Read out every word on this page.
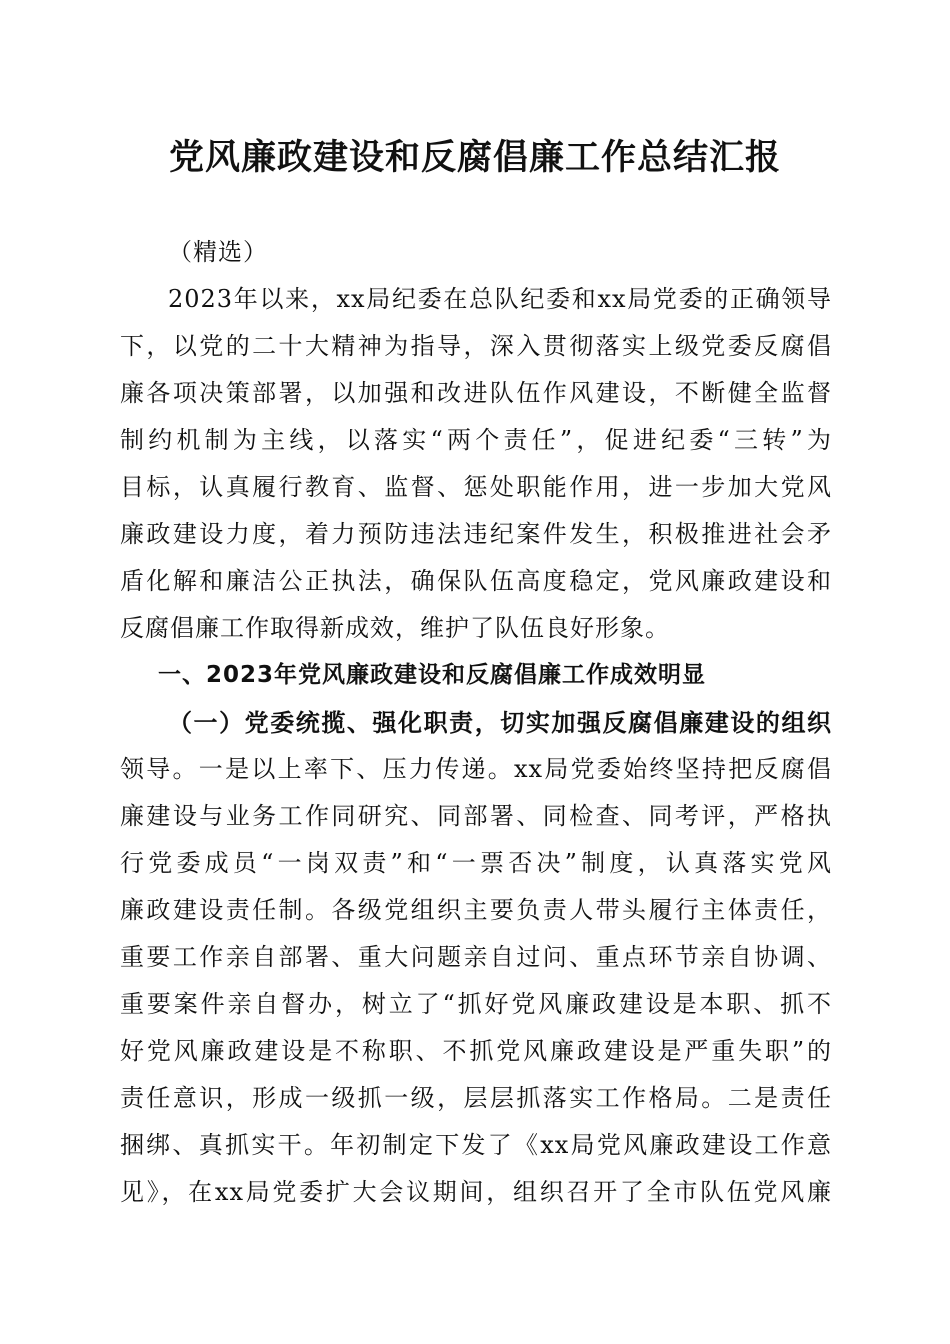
党风廉政建设和反腐倡廉工作总结汇报
（精选）
2023年以来，xx局纪委在总队纪委和xx局党委的正确领导
下，以党的二十大精神为指导，深入贯彻落实上级党委反腐倡
廉各项决策部署，以加强和改进队伍作风建设，不断健全监督
制约机制为主线，以落实“两个责任”，促进纪委“三转”为
目标，认真履行教育、监督、惩处职能作用，进一步加大党风
廉政建设力度，着力预防违法违纪案件发生，积极推进社会矛
盾化解和廉洁公正执法，确保队伍高度稳定，党风廉政建设和
反腐倡廉工作取得新成效，维护了队伍良好形象。
一、2023年党风廉政建设和反腐倡廉工作成效明显
（一）党委统揽、强化职责，切实加强反腐倡廉建设的组织
领导。一是以上率下、压力传递。xx局党委始终坚持把反腐倡
廉建设与业务工作同研究、同部署、同检查、同考评，严格执
行党委成员“一岗双责”和“一票否决”制度，认真落实党风
廉政建设责任制。各级党组织主要负责人带头履行主体责任，
重要工作亲自部署、重大问题亲自过问、重点环节亲自协调、
重要案件亲自督办，树立了“抓好党风廉政建设是本职、抓不
好党风廉政建设是不称职、不抓党风廉政建设是严重失职”的
责任意识，形成一级抓一级，层层抓落实工作格局。二是责任
捆绑、真抓实干。年初制定下发了《xx局党风廉政建设工作意
见》，在xx局党委扩大会议期间，组织召开了全市队伍党风廉
